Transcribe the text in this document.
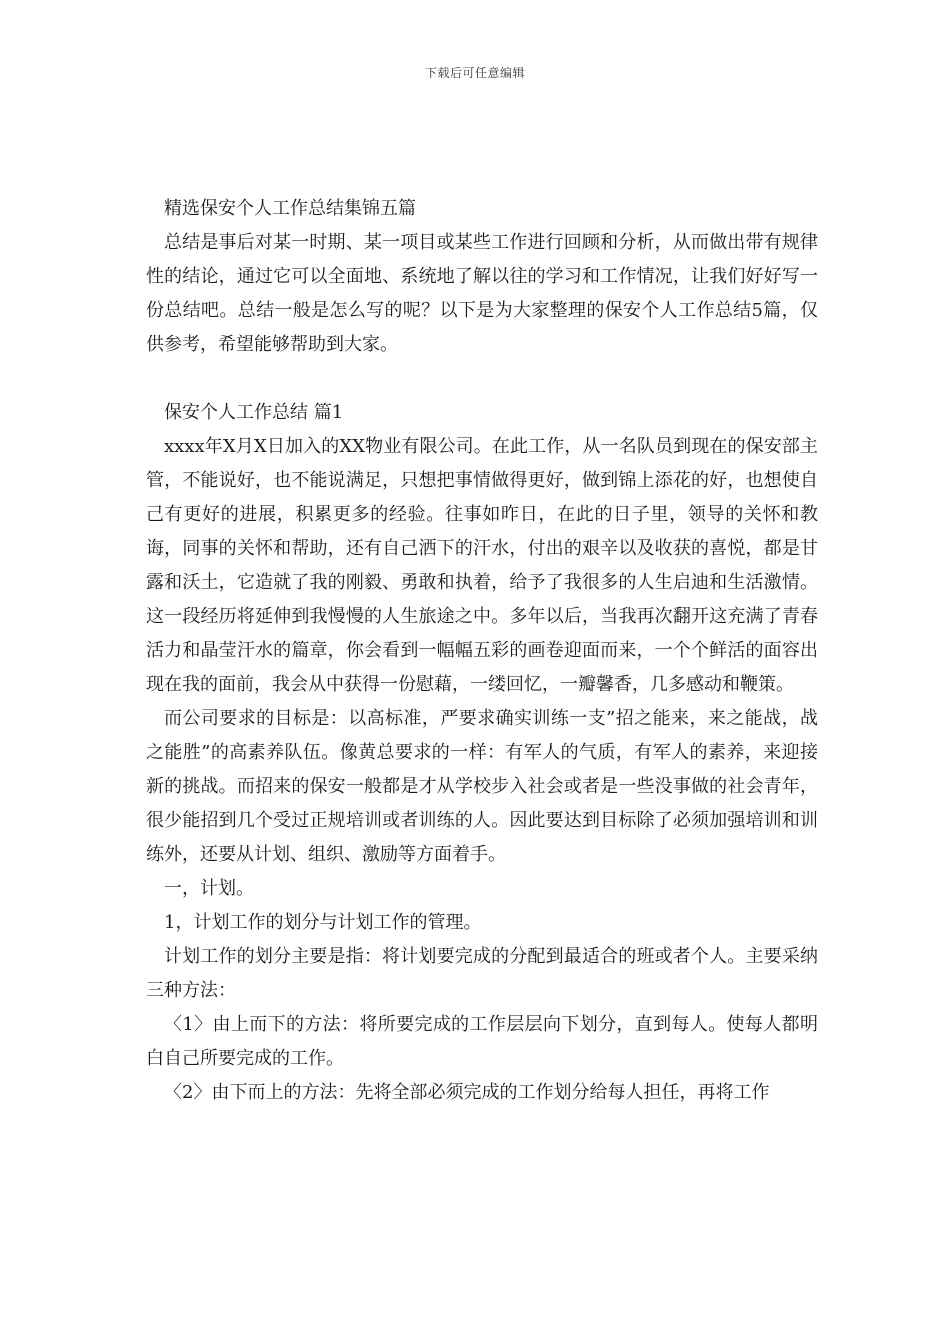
下载后可任意编辑

精选保安个人工作总结集锦五篇

总结是事后对某一时期、某一项目或某些工作进行回顾和分析，从而做出带有规律性的结论，通过它可以全面地、系统地了解以往的学习和工作情况，让我们好好写一份总结吧。总结一般是怎么写的呢？以下是为大家整理的保安个人工作总结5篇，仅供参考，希望能够帮助到大家。

保安个人工作总结 篇1

xxxx年X月X日加入的XX物业有限公司。在此工作，从一名队员到现在的保安部主管，不能说好，也不能说满足，只想把事情做得更好，做到锦上添花的好，也想使自己有更好的进展，积累更多的经验。往事如昨日，在此的日子里，领导的关怀和教诲，同事的关怀和帮助，还有自己洒下的汗水，付出的艰辛以及收获的喜悦，都是甘露和沃土，它造就了我的刚毅、勇敢和执着，给予了我很多的人生启迪和生活激情。这一段经历将延伸到我慢慢的人生旅途之中。多年以后，当我再次翻开这充满了青春活力和晶莹汗水的篇章，你会看到一幅幅五彩的画卷迎面而来，一个个鲜活的面容出现在我的面前，我会从中获得一份慰藉，一缕回忆，一瓣馨香，几多感动和鞭策。

而公司要求的目标是：以高标准，严要求确实训练一支”招之能来，来之能战，战之能胜”的高素养队伍。像黄总要求的一样：有军人的气质，有军人的素养，来迎接新的挑战。而招来的保安一般都是才从学校步入社会或者是一些没事做的社会青年，很少能招到几个受过正规培训或者训练的人。因此要达到目标除了必须加强培训和训练外，还要从计划、组织、激励等方面着手。

一，计划。

1，计划工作的划分与计划工作的管理。

计划工作的划分主要是指：将计划要完成的分配到最适合的班或者个人。主要采纳三种方法：

〈1〉由上而下的方法：将所要完成的工作层层向下划分，直到每人。使每人都明白自己所要完成的工作。

〈2〉由下而上的方法：先将全部必须完成的工作划分给每人担任，再将工作
